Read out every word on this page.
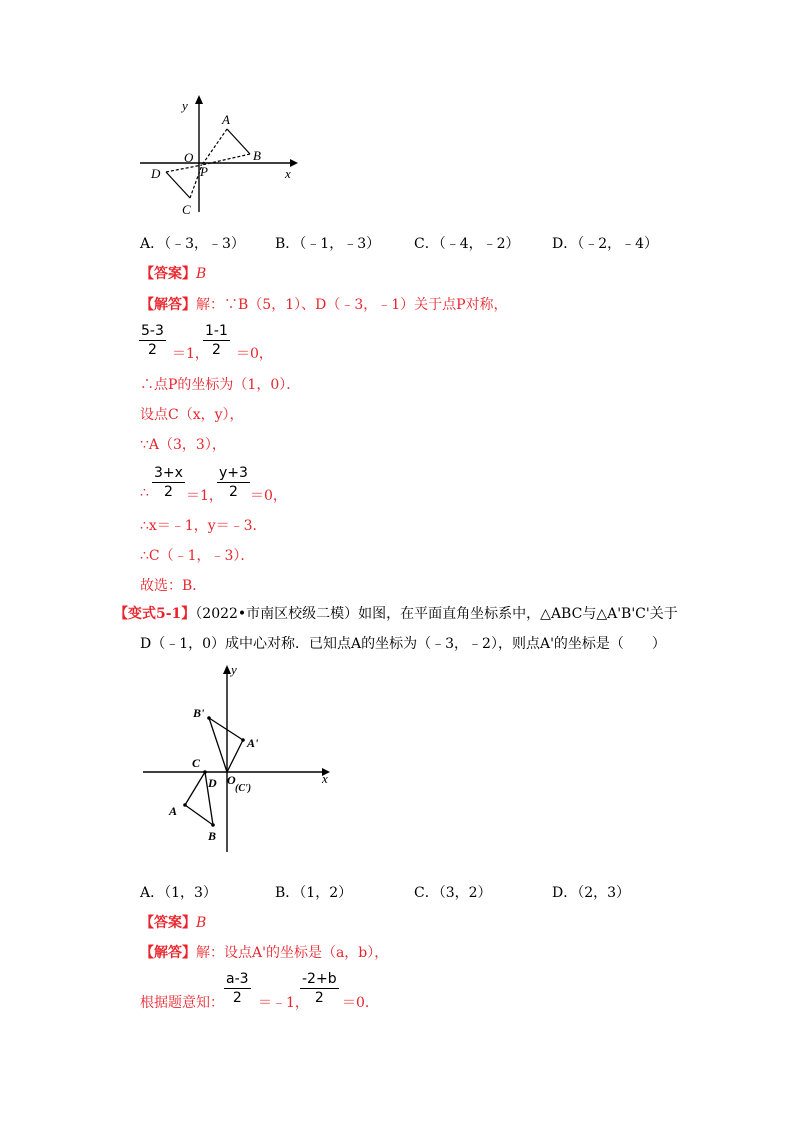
y
x
A
B
O
P
D
C
A．（﹣3，﹣3） B．（﹣1，﹣3） C．（﹣4，﹣2） D．（﹣2，﹣4）
【答案】B
【解答】解：∵B（5，1）、D（﹣3，﹣1）关于点P对称，
$\frac{5-3}{2} =1$，
$\frac{1-1}{2} =0$，
∴点P的坐标为（1，0）．
设点C（x，y），
∵A（3，3），
∴ $\frac{3+x}{2} =1$，
$\frac{y+3}{2} =0$，
∴x＝﹣1，y＝﹣3．
∴C（﹣1，﹣3）．
故选：B．
【变式5-1】（2022•市南区校级二模）如图，在平面直角坐标系中，△ABC与△A'B'C'关于
D（﹣1，0）成中心对称．已知点A的坐标为（﹣3，﹣2），则点A'的坐标是（　　）
y
x
B'
A'
C
D O
(C')
A
B
A．（1，3）	B．（1，2）	C．（3，2）	D．（2，3）
【答案】B
【解答】解：设点A'的坐标是（a，b），
根据题意知： $\frac{a-3}{2}$ ＝﹣1，
$\frac{-2+b}{2} =0$.
